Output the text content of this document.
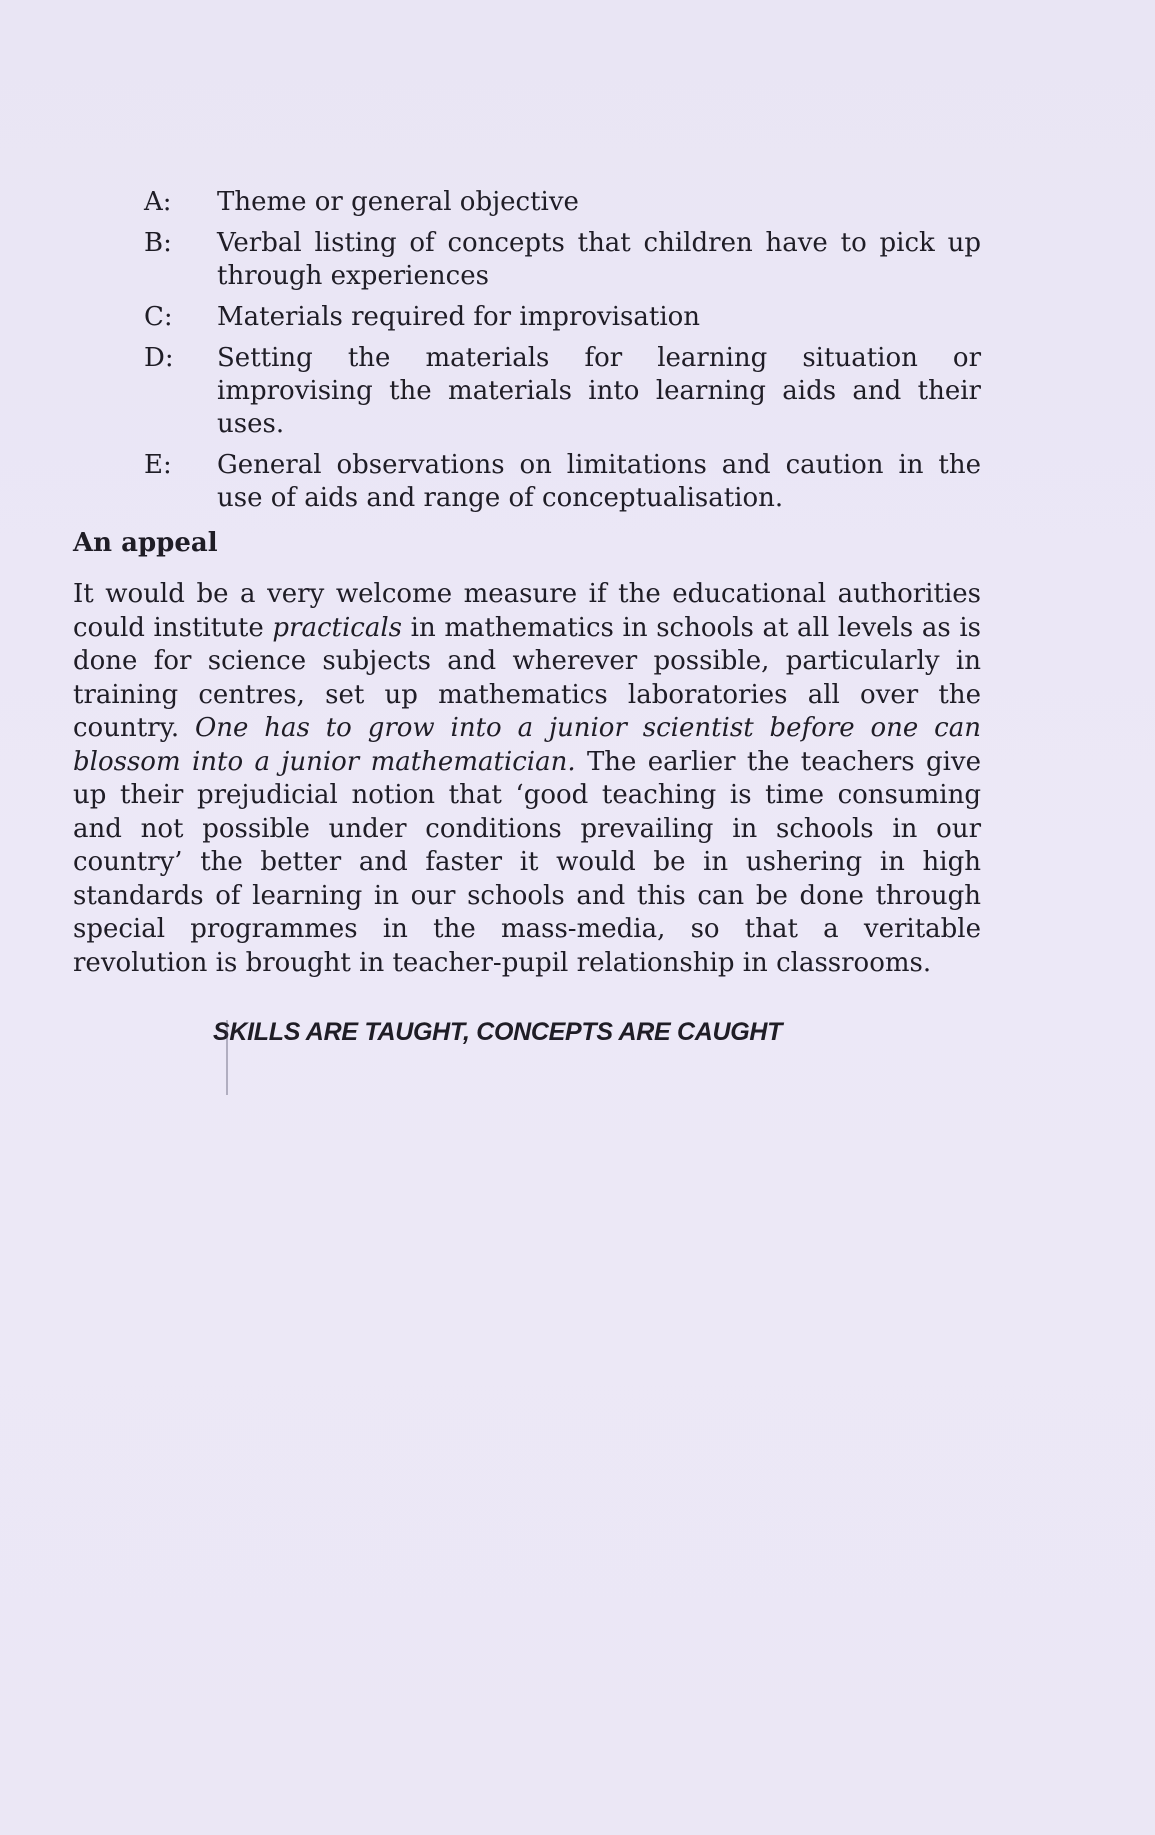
A:	Theme or general objective
B:	Verbal listing of concepts that children have to pick up through experiences
C:	Materials required for improvisation
D:	Setting the materials for learning situation or improvising the materials into learning aids and their uses.
E:	General observations on limitations and caution in the use of aids and range of conceptualisation.
An appeal

It would be a very welcome measure if the educational authorities could institute practicals in mathematics in schools at all levels as is done for science subjects and wherever possible, particularly in training centres, set up mathematics laboratories all over the country. One has to grow into a junior scientist before one can blossom into a junior mathematician. The earlier the teachers give up their prejudicial notion that ‘good teaching is time consuming and not possible under conditions prevailing in schools in our country’ the better and faster it would be in ushering in high standards of learning in our schools and this can be done through special programmes in the mass-media, so that a veritable revolution is brought in teacher-pupil relationship in classrooms.

SKILLS ARE TAUGHT, CONCEPTS ARE CAUGHT
